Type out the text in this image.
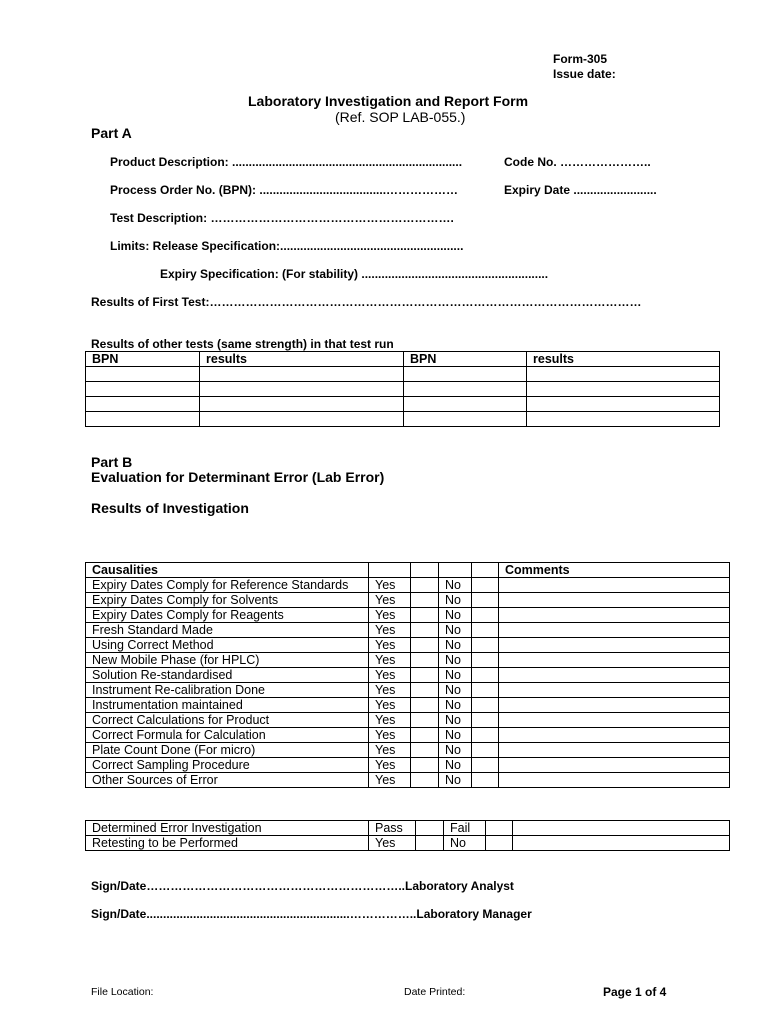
Form-305
Issue date:
Laboratory Investigation and Report Form
(Ref. SOP LAB-055.)
Part A
Product Description: .....................................................................	Code No. …………………..
Process Order No. (BPN): ......................................………………	Expiry Date .........................
Test Description: …………………………………………………….
Limits: Release Specification:.......................................................
Expiry Specification: (For stability) ........................................................
Results of First Test:………………………………………………………………………………………………
Results of other tests (same strength) in that test run
BPN	results	BPN	results

Part B
Evaluation for Determinant Error (Lab Error)
Results of Investigation
Causalities					Comments
Expiry Dates Comply for Reference Standards	Yes		No		
Expiry Dates Comply for Solvents	Yes		No		
Expiry Dates Comply for Reagents	Yes		No		
Fresh Standard Made	Yes		No		
Using Correct Method	Yes		No		
New Mobile Phase (for HPLC)	Yes		No		
Solution Re-standardised	Yes		No		
Instrument Re-calibration Done	Yes		No		
Instrumentation maintained	Yes		No		
Correct Calculations for Product	Yes		No		
Correct Formula for Calculation	Yes		No		
Plate Count Done (For micro)	Yes		No		
Correct Sampling Procedure	Yes		No		
Other Sources of Error	Yes		No		
Determined Error Investigation	Pass		Fail		
Retesting to be Performed	Yes		No		
Sign/Date………………………………………………………..Laboratory Analyst
Sign/Date.............................................................……………..Laboratory Manager
File Location:	Date Printed:	Page 1 of 4
